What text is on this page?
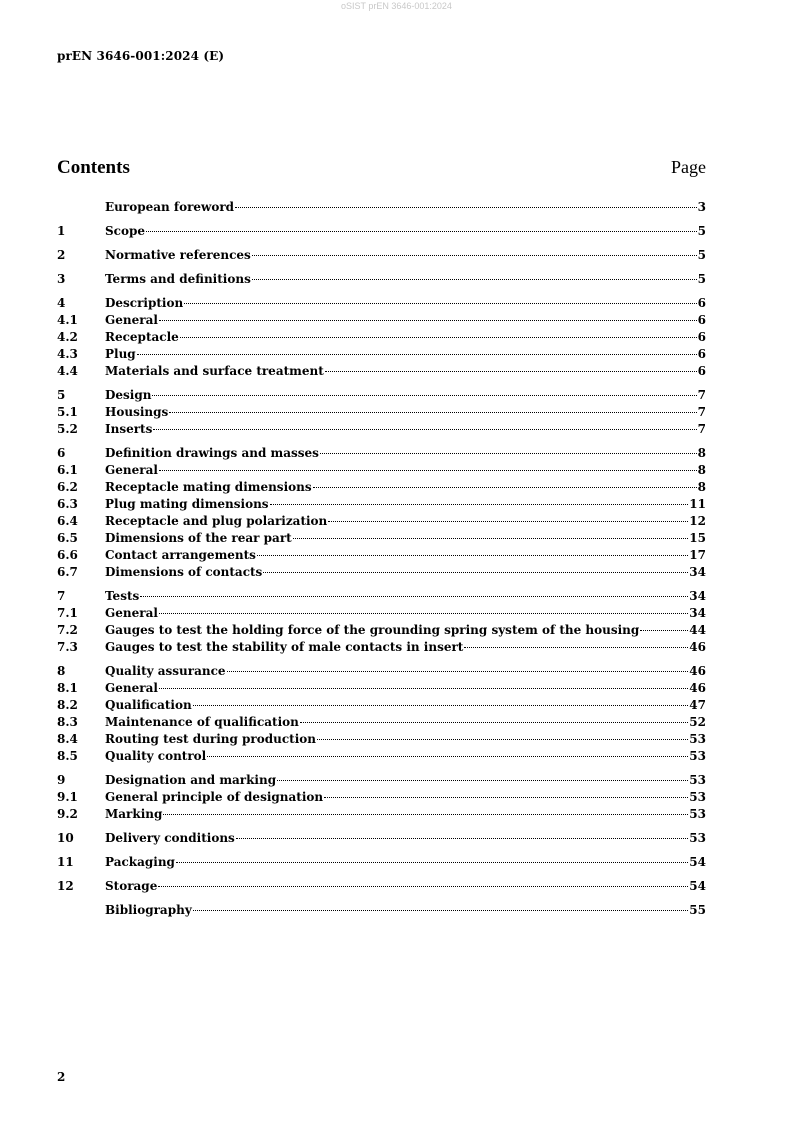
oSIST prEN 3646-001:2024
prEN 3646-001:2024 (E)
Contents	Page
European foreword	3
1	Scope	5
2	Normative references	5
3	Terms and definitions	5
4	Description	6
4.1	General	6
4.2	Receptacle	6
4.3	Plug	6
4.4	Materials and surface treatment	6
5	Design	7
5.1	Housings	7
5.2	Inserts	7
6	Definition drawings and masses	8
6.1	General	8
6.2	Receptacle mating dimensions	8
6.3	Plug mating dimensions	11
6.4	Receptacle and plug polarization	12
6.5	Dimensions of the rear part	15
6.6	Contact arrangements	17
6.7	Dimensions of contacts	34
7	Tests	34
7.1	General	34
7.2	Gauges to test the holding force of the grounding spring system of the housing	44
7.3	Gauges to test the stability of male contacts in insert	46
8	Quality assurance	46
8.1	General	46
8.2	Qualification	47
8.3	Maintenance of qualification	52
8.4	Routing test during production	53
8.5	Quality control	53
9	Designation and marking	53
9.1	General principle of designation	53
9.2	Marking	53
10	Delivery conditions	53
11	Packaging	54
12	Storage	54
Bibliography	55
2
